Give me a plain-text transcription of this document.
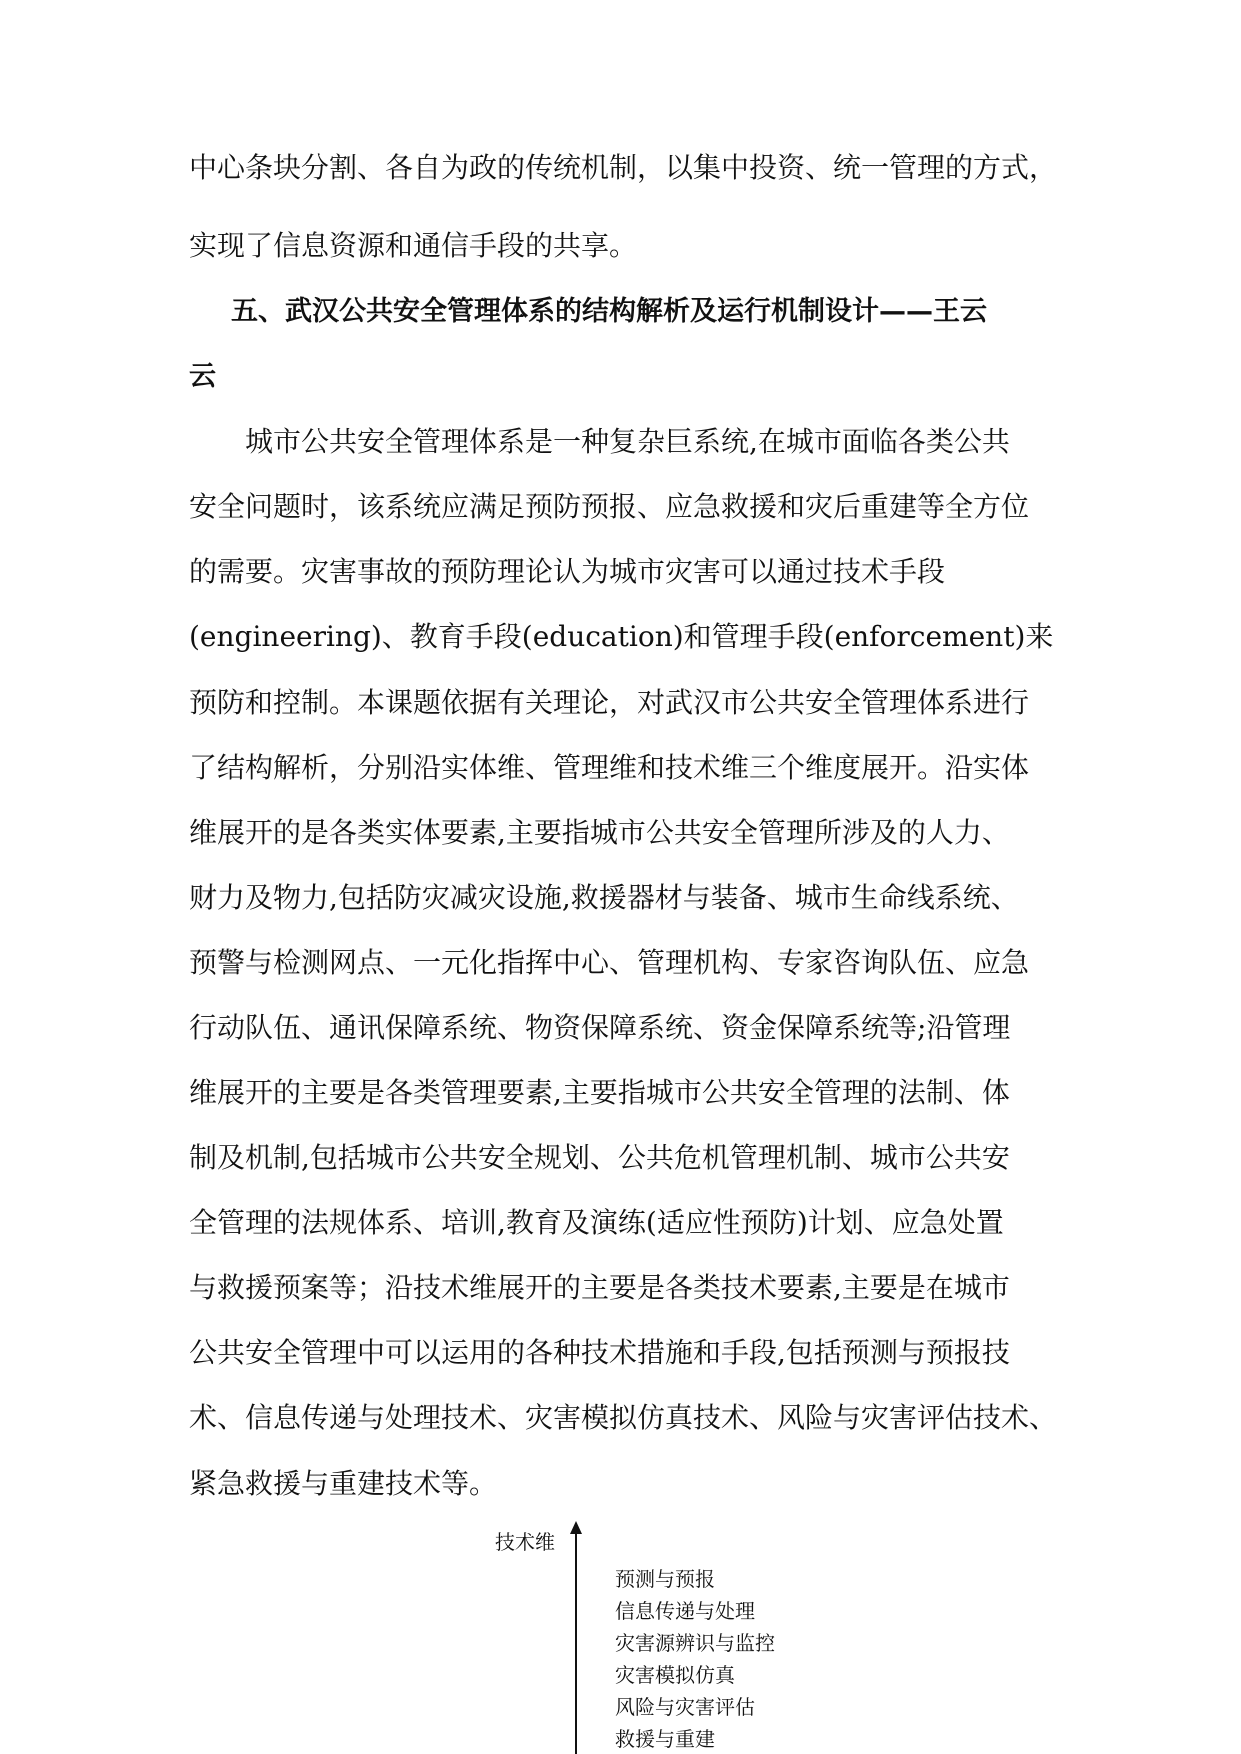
中心条块分割、各自为政的传统机制，以集中投资、统一管理的方式，
实现了信息资源和通信手段的共享。
五、武汉公共安全管理体系的结构解析及运行机制设计——王云
云
城市公共安全管理体系是一种复杂巨系统,在城市面临各类公共
安全问题时，该系统应满足预防预报、应急救援和灾后重建等全方位
的需要。灾害事故的预防理论认为城市灾害可以通过技术手段
(engineering)、教育手段(education)和管理手段(enforcement)来
预防和控制。本课题依据有关理论，对武汉市公共安全管理体系进行
了结构解析，分别沿实体维、管理维和技术维三个维度展开。沿实体
维展开的是各类实体要素,主要指城市公共安全管理所涉及的人力、
财力及物力,包括防灾减灾设施,救援器材与装备、城市生命线系统、
预警与检测网点、一元化指挥中心、管理机构、专家咨询队伍、应急
行动队伍、通讯保障系统、物资保障系统、资金保障系统等;沿管理
维展开的主要是各类管理要素,主要指城市公共安全管理的法制、体
制及机制,包括城市公共安全规划、公共危机管理机制、城市公共安
全管理的法规体系、培训,教育及演练(适应性预防)计划、应急处置
与救援预案等；沿技术维展开的主要是各类技术要素,主要是在城市
公共安全管理中可以运用的各种技术措施和手段,包括预测与预报技
术、信息传递与处理技术、灾害模拟仿真技术、风险与灾害评估技术、
紧急救援与重建技术等。
技术维
预测与预报
信息传递与处理
灾害源辨识与监控
灾害模拟仿真
风险与灾害评估
救援与重建
